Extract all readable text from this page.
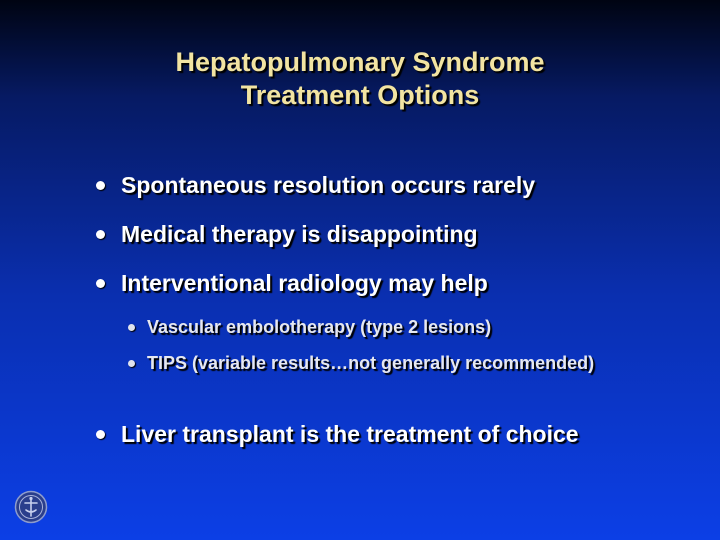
Hepatopulmonary Syndrome
Treatment Options
Spontaneous resolution occurs rarely
Medical therapy is disappointing
Interventional radiology may help
Vascular embolotherapy (type 2 lesions)
TIPS (variable results…not generally recommended)
Liver transplant is the treatment of choice
